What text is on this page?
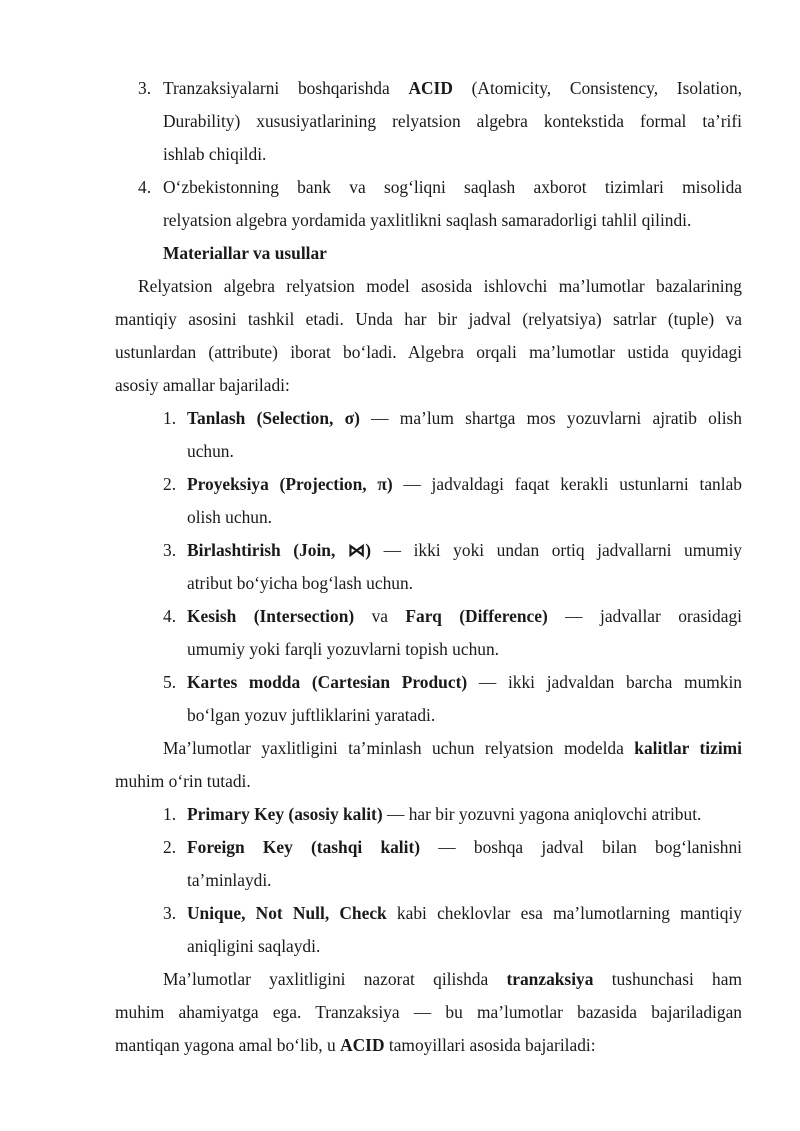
3. Tranzaksiyalarni boshqarishda ACID (Atomicity, Consistency, Isolation,
Durability) xususiyatlarining relyatsion algebra kontekstida formal ta’rifi
ishlab chiqildi.
4. O‘zbekistonning bank va sog‘liqni saqlash axborot tizimlari misolida
relyatsion algebra yordamida yaxlitlikni saqlash samaradorligi tahlil qilindi.
Materiallar va usullar
Relyatsion algebra relyatsion model asosida ishlovchi ma’lumotlar bazalarining
mantiqiy asosini tashkil etadi. Unda har bir jadval (relyatsiya) satrlar (tuple) va
ustunlardan (attribute) iborat bo‘ladi. Algebra orqali ma’lumotlar ustida quyidagi
asosiy amallar bajariladi:
1. Tanlash (Selection, σ) — ma’lum shartga mos yozuvlarni ajratib olish
uchun.
2. Proyeksiya (Projection, π) — jadvaldagi faqat kerakli ustunlarni tanlab
olish uchun.
3. Birlashtirish (Join, ⋈) — ikki yoki undan ortiq jadvallarni umumiy
atribut bo‘yicha bog‘lash uchun.
4. Kesish (Intersection) va Farq (Difference) — jadvallar orasidagi
umumiy yoki farqli yozuvlarni topish uchun.
5. Kartes modda (Cartesian Product) — ikki jadvaldan barcha mumkin
bo‘lgan yozuv juftliklarini yaratadi.
Ma’lumotlar yaxlitligini ta’minlash uchun relyatsion modelda kalitlar tizimi
muhim o‘rin tutadi.
1. Primary Key (asosiy kalit) — har bir yozuvni yagona aniqlovchi atribut.
2. Foreign Key (tashqi kalit) — boshqa jadval bilan bog‘lanishni
ta’minlaydi.
3. Unique, Not Null, Check kabi cheklovlar esa ma’lumotlarning mantiqiy
aniqligini saqlaydi.
Ma’lumotlar yaxlitligini nazorat qilishda tranzaksiya tushunchasi ham
muhim ahamiyatga ega. Tranzaksiya — bu ma’lumotlar bazasida bajariladigan
mantiqan yagona amal bo‘lib, u ACID tamoyillari asosida bajariladi:
